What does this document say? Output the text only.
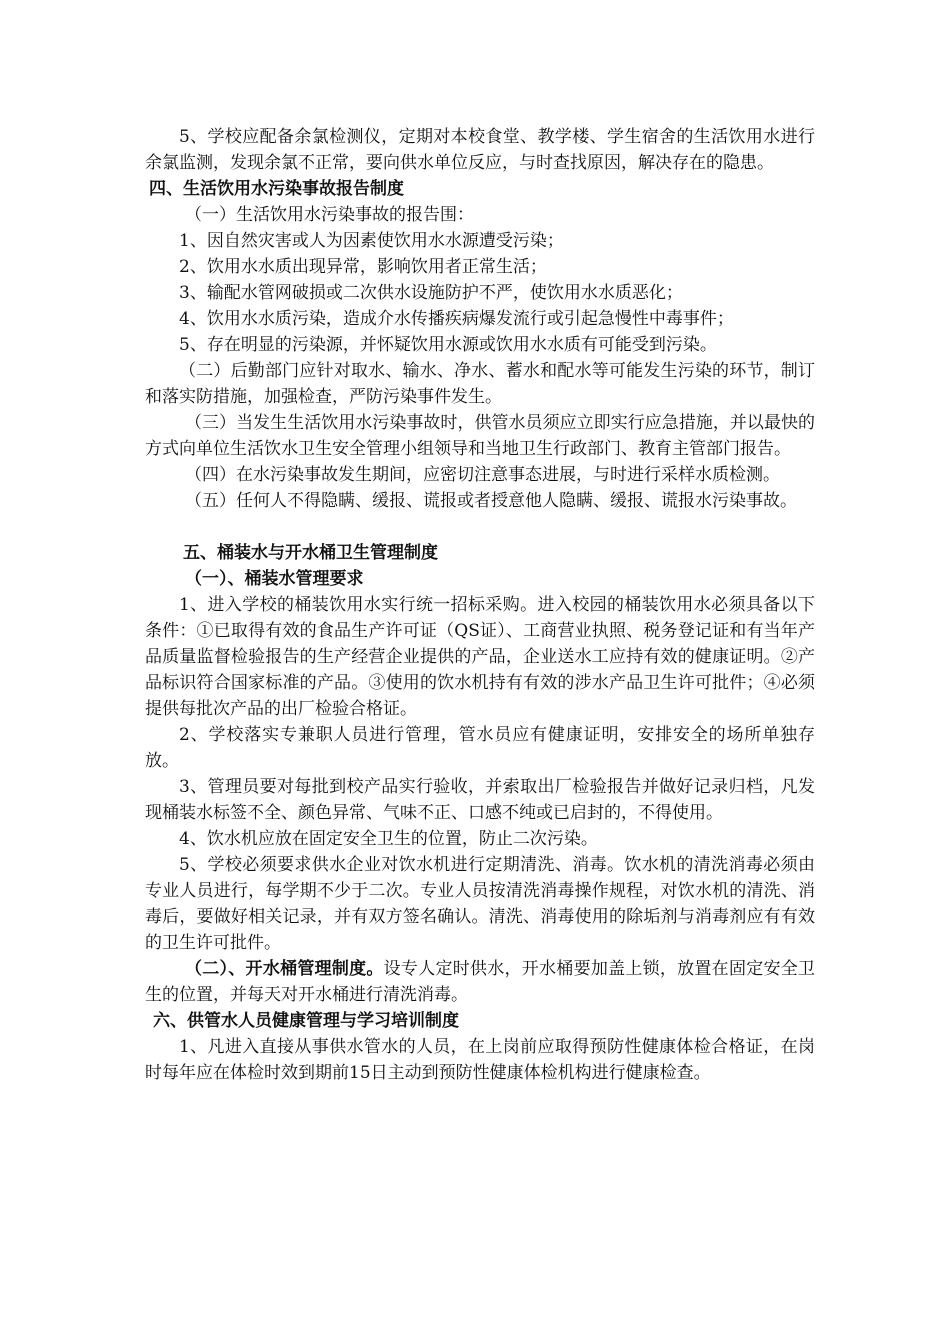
5、学校应配备余氯检测仪，定期对本校食堂、教学楼、学生宿舍的生活饮用水进行余氯监测，发现余氯不正常，要向供水单位反应，与时查找原因，解决存在的隐患。

四、生活饮用水污染事故报告制度

（一）生活饮用水污染事故的报告围：

1、因自然灾害或人为因素使饮用水水源遭受污染；

2、饮用水水质出现异常，影响饮用者正常生活；

3、输配水管网破损或二次供水设施防护不严，使饮用水水质恶化；

4、饮用水水质污染，造成介水传播疾病爆发流行或引起急慢性中毒事件；

5、存在明显的污染源，并怀疑饮用水源或饮用水水质有可能受到污染。

（二）后勤部门应针对取水、输水、净水、蓄水和配水等可能发生污染的环节，制订和落实防措施，加强检查，严防污染事件发生。

（三）当发生生活饮用水污染事故时，供管水员须应立即实行应急措施，并以最快的方式向单位生活饮水卫生安全管理小组领导和当地卫生行政部门、教育主管部门报告。

（四）在水污染事故发生期间，应密切注意事态进展，与时进行采样水质检测。

（五）任何人不得隐瞒、缓报、谎报或者授意他人隐瞒、缓报、谎报水污染事故。

五、桶装水与开水桶卫生管理制度

（一）、桶装水管理要求

1、进入学校的桶装饮用水实行统一招标采购。进入校园的桶装饮用水必须具备以下条件：①已取得有效的食品生产许可证（QS证）、工商营业执照、税务登记证和有当年产品质量监督检验报告的生产经营企业提供的产品，企业送水工应持有效的健康证明。②产品标识符合国家标准的产品。③使用的饮水机持有有效的涉水产品卫生许可批件；④必须提供每批次产品的出厂检验合格证。

2、学校落实专兼职人员进行管理，管水员应有健康证明，安排安全的场所单独存放。

3、管理员要对每批到校产品实行验收，并索取出厂检验报告并做好记录归档，凡发现桶装水标签不全、颜色异常、气味不正、口感不纯或已启封的，不得使用。

4、饮水机应放在固定安全卫生的位置，防止二次污染。

5、学校必须要求供水企业对饮水机进行定期清洗、消毒。饮水机的清洗消毒必须由专业人员进行，每学期不少于二次。专业人员按清洗消毒操作规程，对饮水机的清洗、消毒后，要做好相关记录，并有双方签名确认。清洗、消毒使用的除垢剂与消毒剂应有有效的卫生许可批件。

（二）、开水桶管理制度。设专人定时供水，开水桶要加盖上锁，放置在固定安全卫生的位置，并每天对开水桶进行清洗消毒。

六、供管水人员健康管理与学习培训制度

1、凡进入直接从事供水管水的人员，在上岗前应取得预防性健康体检合格证，在岗时每年应在体检时效到期前15日主动到预防性健康体检机构进行健康检查。
